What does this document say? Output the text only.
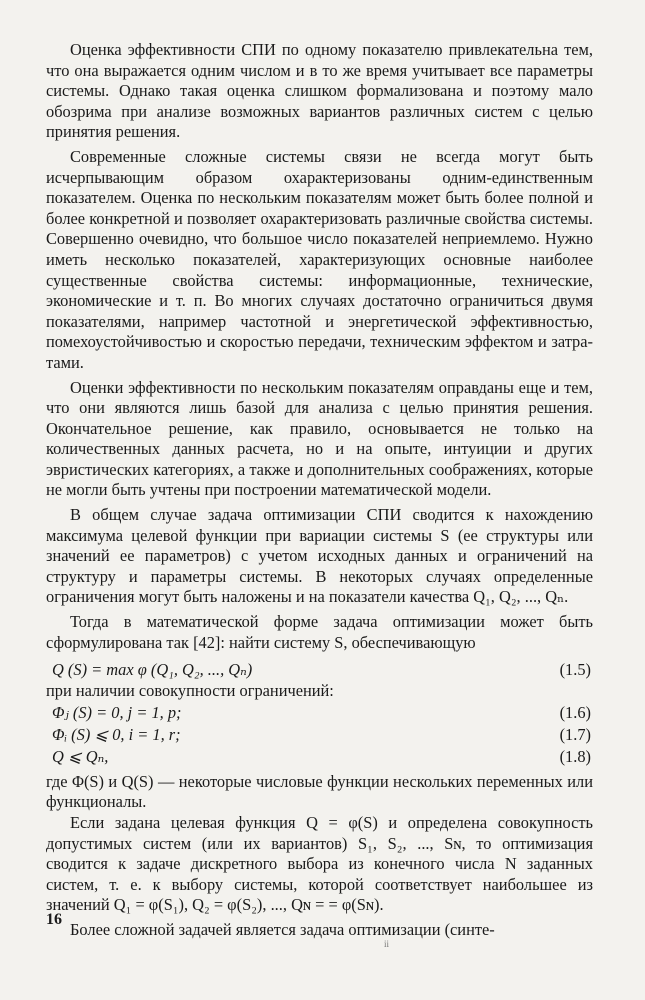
Оценка эффективности СПИ по одному показателю привлекательна тем, что она выражается одним числом и в то же время учитывает все параметры системы. Однако такая оценка слишком формализована и поэтому мало обозрима при анализе возможных вариантов различных систем с целью принятия решения.

Современные сложные системы связи не всегда могут быть исчерпывающим образом охарактеризованы одним-единственным показателем. Оценка по нескольким показателям может быть более полной и более конкретной и позволяет охарактеризовать различные свойства системы. Совершенно очевидно, что большое число показателей неприемлемо. Нужно иметь несколько показателей, характеризующих основные наиболее существенные свойства системы: информационные, технические, экономические и т. п. Во многих случаях достаточно ограничиться двумя показателями, например частотной и энергетической эффективностью, помехоустойчивостью и скоростью передачи, техническим эффектом и затратами.

Оценки эффективности по нескольким показателям оправданы еще и тем, что они являются лишь базой для анализа с целью принятия решения. Окончательное решение, как правило, основывается не только на количественных данных расчета, но и на опыте, интуиции и других эвристических категориях, а также и дополнительных соображениях, которые не могли быть учтены при построении математической модели.

В общем случае задача оптимизации СПИ сводится к нахождению максимума целевой функции при вариации системы S (ее структуры или значений ее параметров) с учетом исходных данных и ограничений на структуру и параметры системы. В некоторых случаях определенные ограничения могут быть наложены и на показатели качества Q₁, Q₂, ..., Qₙ.

Тогда в математической форме задача оптимизации может быть сформулирована так [42]: найти систему S, обеспечивающую

Q (S) = max φ (Q₁, Q₂, ..., Qₙ)	(1.5)

при наличии совокупности ограничений:

Φⱼ (S) = 0, j = 1, p;	(1.6)
Φᵢ (S) ⩽ 0, i = 1, r;	(1.7)
Q ⩽ Qₙ,	(1.8)

где Φ(S) и Q(S) — некоторые числовые функции нескольких переменных или функционалы.

Если задана целевая функция Q = φ(S) и определена совокупность допустимых систем (или их вариантов) S₁, S₂, ..., Sɴ, то оптимизация сводится к задаче дискретного выбора из конечного числа N заданных систем, т. е. к выбору системы, которой соответствует наибольшее из значений Q₁ = φ(S₁), Q₂ = φ(S₂), ..., Qɴ = = φ(Sɴ).

Более сложной задачей является задача оптимизации (синте-

16
ii
